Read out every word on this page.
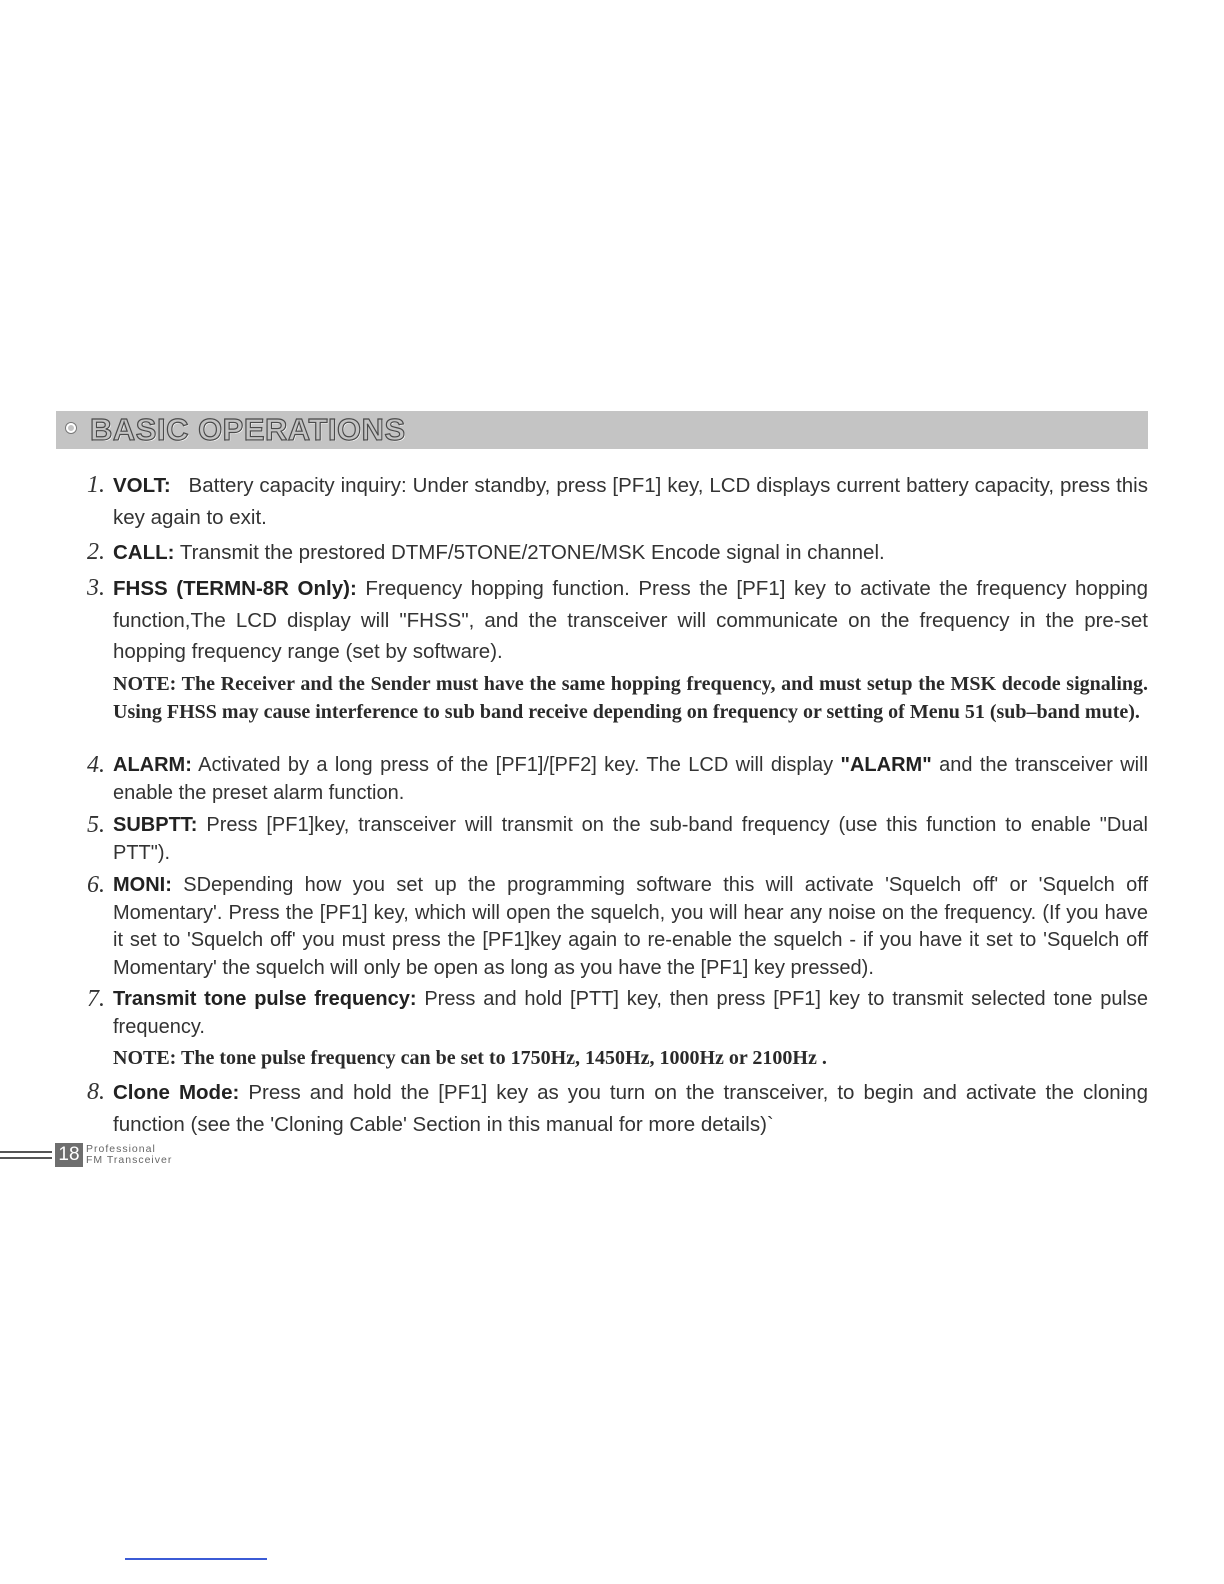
BASIC OPERATIONS
1. VOLT: Battery capacity inquiry: Under standby, press [PF1] key, LCD displays current battery capacity, press this key again to exit.
2. CALL: Transmit the prestored DTMF/5TONE/2TONE/MSK Encode signal in channel.
3. FHSS (TERMN-8R Only): Frequency hopping function. Press the [PF1] key to activate the frequency hopping function,The LCD display will "FHSS", and the transceiver will communicate on the frequency in the pre-set hopping frequency range (set by software).
NOTE: The Receiver and the Sender must have the same hopping frequency, and must setup the MSK decode signaling. Using FHSS may cause interference to sub band receive depending on frequency or setting of Menu 51 (sub–band mute).
4. ALARM: Activated by a long press of the [PF1]/[PF2] key. The LCD will display "ALARM" and the transceiver will enable the preset alarm function.
5. SUBPTT: Press [PF1]key, transceiver will transmit on the sub-band frequency (use this function to enable "Dual PTT").
6. MONI: SDepending how you set up the programming software this will activate 'Squelch off' or 'Squelch off Momentary'. Press the [PF1] key, which will open the squelch, you will hear any noise on the frequency. (If you have it set to 'Squelch off' you must press the [PF1]key again to re-enable the squelch - if you have it set to 'Squelch off Momentary' the squelch will only be open as long as you have the [PF1] key pressed).
7. Transmit tone pulse frequency: Press and hold [PTT] key, then press [PF1] key to transmit selected tone pulse frequency.
NOTE: The tone pulse frequency can be set to 1750Hz, 1450Hz, 1000Hz or 2100Hz .
8. Clone Mode: Press and hold the [PF1] key as you turn on the transceiver, to begin and activate the cloning function (see the 'Cloning Cable' Section in this manual for more details)`
18 Professional
FM Transceiver
